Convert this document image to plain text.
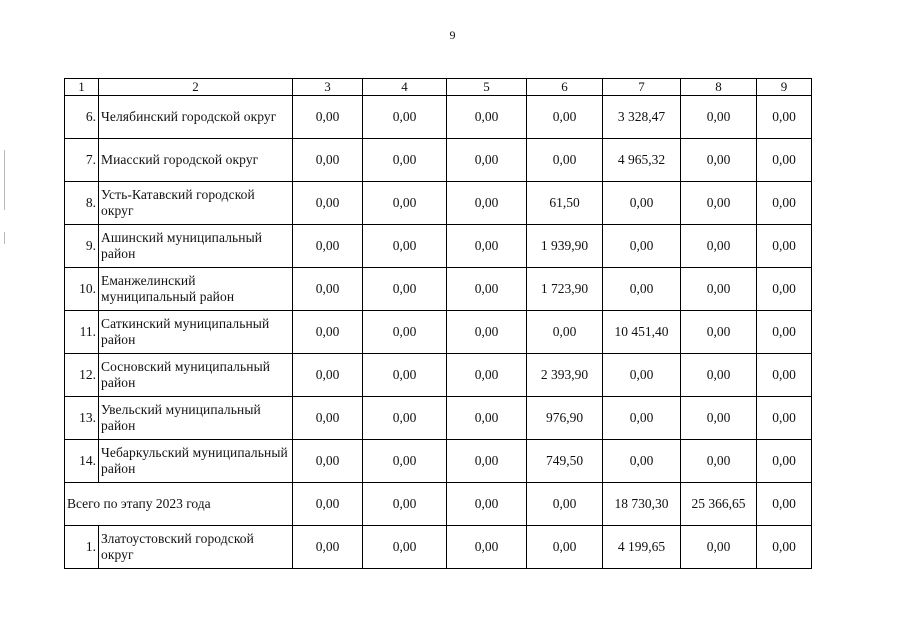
9
1	2	3	4	5	6	7	8	9
6.	Челябинский городской округ	0,00	0,00	0,00	0,00	3 328,47	0,00	0,00
7.	Миасский городской округ	0,00	0,00	0,00	0,00	4 965,32	0,00	0,00
8.	Усть-Катавский городской округ	0,00	0,00	0,00	61,50	0,00	0,00	0,00
9.	Ашинский муниципальный район	0,00	0,00	0,00	1 939,90	0,00	0,00	0,00
10.	Еманжелинский муниципальный район	0,00	0,00	0,00	1 723,90	0,00	0,00	0,00
11.	Саткинский муниципальный район	0,00	0,00	0,00	0,00	10 451,40	0,00	0,00
12.	Сосновский муниципальный район	0,00	0,00	0,00	2 393,90	0,00	0,00	0,00
13.	Увельский муниципальный район	0,00	0,00	0,00	976,90	0,00	0,00	0,00
14.	Чебаркульский муниципальный район	0,00	0,00	0,00	749,50	0,00	0,00	0,00
Всего по этапу 2023 года		0,00	0,00	0,00	0,00	18 730,30	25 366,65	0,00
1.	Златоустовский городской округ	0,00	0,00	0,00	0,00	4 199,65	0,00	0,00
